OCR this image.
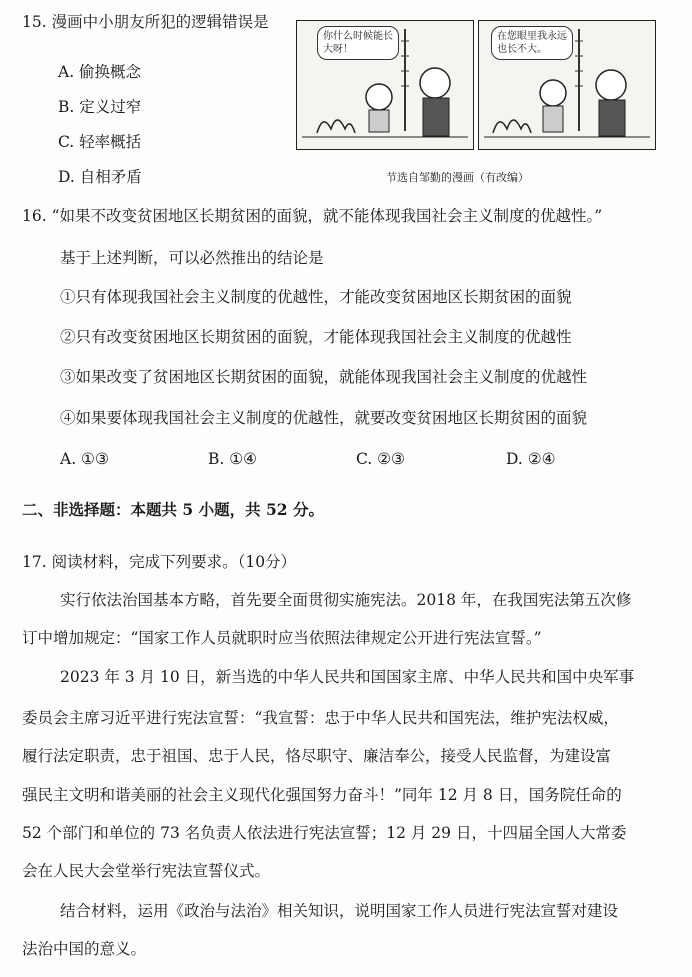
15. 漫画中小朋友所犯的逻辑错误是
A. 偷换概念
B. 定义过窄
C. 轻率概括
D. 自相矛盾
你什么时候能长大呀！
在您眼里我永远也长不大。
节选自邹勤的漫画（有改编）
16. “如果不改变贫困地区长期贫困的面貌，就不能体现我国社会主义制度的优越性。”
基于上述判断，可以必然推出的结论是
①只有体现我国社会主义制度的优越性，才能改变贫困地区长期贫困的面貌
②只有改变贫困地区长期贫困的面貌，才能体现我国社会主义制度的优越性
③如果改变了贫困地区长期贫困的面貌，就能体现我国社会主义制度的优越性
④如果要体现我国社会主义制度的优越性，就要改变贫困地区长期贫困的面貌
A. ①③	B. ①④	C. ②③	D. ②④
二、非选择题：本题共 5 小题，共 52 分。
17. 阅读材料，完成下列要求。（10分）
实行依法治国基本方略，首先要全面贯彻实施宪法。2018 年，在我国宪法第五次修
订中增加规定：“国家工作人员就职时应当依照法律规定公开进行宪法宣誓。”
2023 年 3 月 10 日，新当选的中华人民共和国国家主席、中华人民共和国中央军事
委员会主席习近平进行宪法宣誓：“我宣誓：忠于中华人民共和国宪法，维护宪法权威，
履行法定职责，忠于祖国、忠于人民，恪尽职守、廉洁奉公，接受人民监督，为建设富
强民主文明和谐美丽的社会主义现代化强国努力奋斗！”同年 12 月 8 日，国务院任命的
52 个部门和单位的 73 名负责人依法进行宪法宣誓；12 月 29 日，十四届全国人大常委
会在人民大会堂举行宪法宣誓仪式。
结合材料，运用《政治与法治》相关知识，说明国家工作人员进行宪法宣誓对建设
法治中国的意义。
